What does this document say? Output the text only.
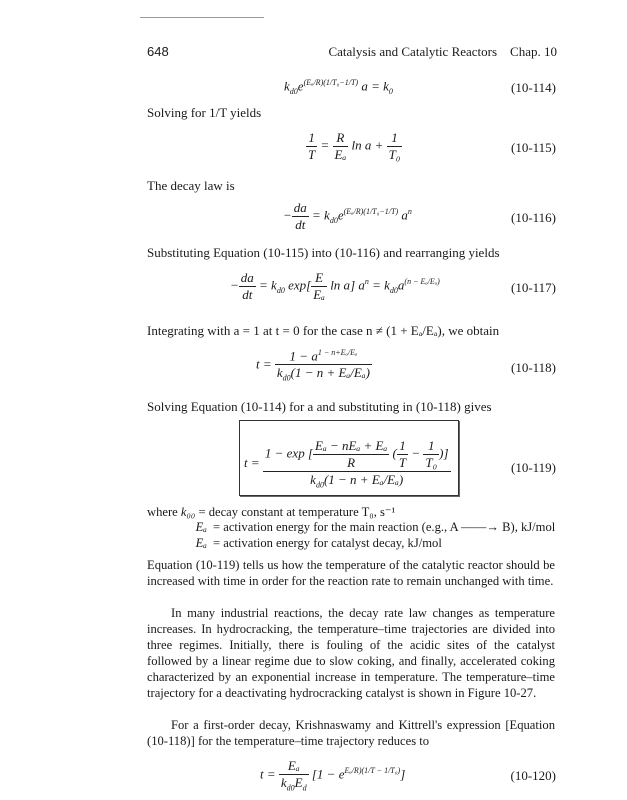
648	Catalysis and Catalytic Reactors Chap. 10
$k_{d0}e^{(E_a/R)(1/T_0-1/T)}$ $a = k_0$	(10-114)
Solving for 1/T yields
$\frac{1}{T} = \frac{R}{\text{Eₐ}}$ $\ln a + \frac{1}{\text{T₀}}$	(10-115)
The decay law is
− $\frac{da}{dt} = k_{d0}e^{(E_a/R)(1/T_0-1/T)}$ $a^n$	(10-116)
Substituting Equation (10-115) into (10-116) and rearranging yields
− $\frac{da}{dt} = k_{d0}$ $\exp[ \frac{E}{\text{Eₐ}}$ ln a] $a^n = k_{d0}a^{(n - E_a/E_a)}$	(10-117)
Integrating with a = 1 at t = 0 for the case n ≠ (1 + Eₐ/Eₐ), we obtain
$t = \frac{1 - a^{1 - n+E_a/E_a}}{k_{d0}(1 - n + E_a/E_a)}$	(10-118)
Solving Equation (10-114) for a and substituting in (10-118) gives
$t = \frac{1 - \exp [ \frac{\text{Eₐ − nEₐ + Eₐ}}{R} ( \frac{1}{T} - \frac{1}{\text{T₀}} )]}{k_{d0}(1 - n + E_a/E_a)}$	(10-119)
where k₀₀ = decay constant at temperature T₀, s⁻¹
Eₐ = activation energy for the main reaction (e.g., A ——→ B), kJ/mol
Eₐ = activation energy for catalyst decay, kJ/mol
Equation (10-119) tells us how the temperature of the catalytic reactor should be increased with time in order for the reaction rate to remain unchanged with time.
In many industrial reactions, the decay rate law changes as temperature increases. In hydrocracking, the temperature–time trajectories are divided into three regimes. Initially, there is fouling of the acidic sites of the catalyst followed by a linear regime due to slow coking, and finally, accelerated coking characterized by an exponential increase in temperature. The temperature–time trajectory for a deactivating hydrocracking catalyst is shown in Figure 10-27.
For a first-order decay, Krishnaswamy and Kittrell's expression [Equation (10-118)] for the temperature–time trajectory reduces to
$t = \frac{\text{Eₐ}}{k_{d0}E_d} [1 - e^{E_a/R)(1/T - 1/T_0)}]$	(10-120)
